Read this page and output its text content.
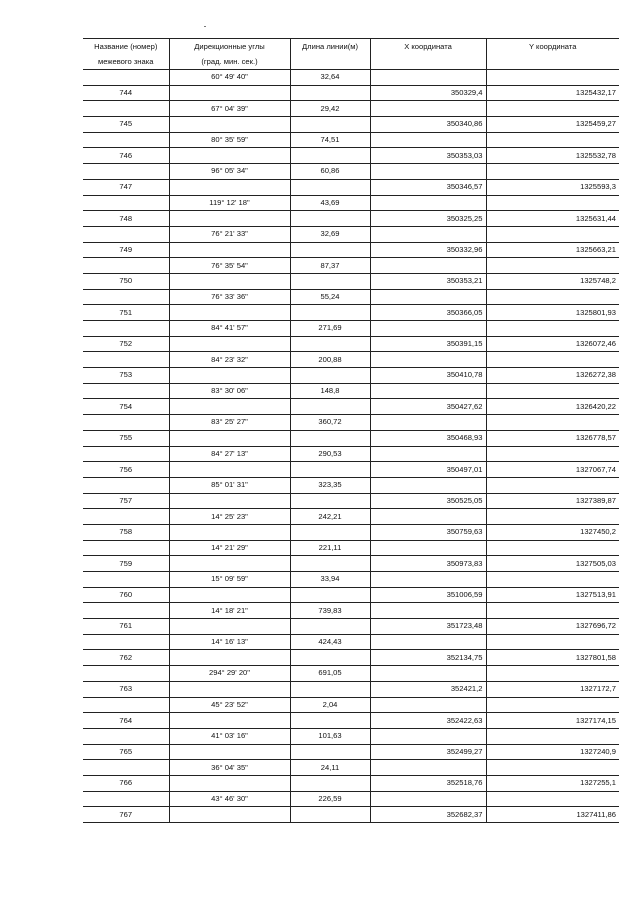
Название (номер)	Дирекционные углы	Длина линии(м)	X координата	Y координата
межевого знака	(град. мин. сек.)			
	60° 49' 40"	32,64		
744			350329,4	1325432,17
	67° 04' 39"	29,42		
745			350340,86	1325459,27
	80° 35' 59"	74,51		
746			350353,03	1325532,78
	96° 05' 34"	60,86		
747			350346,57	1325593,3
	119° 12' 18"	43,69		
748			350325,25	1325631,44
	76° 21' 33"	32,69		
749			350332,96	1325663,21
	76° 35' 54"	87,37		
750			350353,21	1325748,2
	76° 33' 36"	55,24		
751			350366,05	1325801,93
	84° 41' 57"	271,69		
752			350391,15	1326072,46
	84° 23' 32"	200,88		
753			350410,78	1326272,38
	83° 30' 06"	148,8		
754			350427,62	1326420,22
	83° 25' 27"	360,72		
755			350468,93	1326778,57
	84° 27' 13"	290,53		
756			350497,01	1327067,74
	85° 01' 31"	323,35		
757			350525,05	1327389,87
	14° 25' 23"	242,21		
758			350759,63	1327450,2
	14° 21' 29"	221,11		
759			350973,83	1327505,03
	15° 09' 59"	33,94		
760			351006,59	1327513,91
	14° 18' 21"	739,83		
761			351723,48	1327696,72
	14° 16' 13"	424,43		
762			352134,75	1327801,58
	294° 29' 20"	691,05		
763			352421,2	1327172,7
	45° 23' 52"	2,04		
764			352422,63	1327174,15
	41° 03' 16"	101,63		
765			352499,27	1327240,9
	36° 04' 35"	24,11		
766			352518,76	1327255,1
	43° 46' 30"	226,59		
767			352682,37	1327411,86
